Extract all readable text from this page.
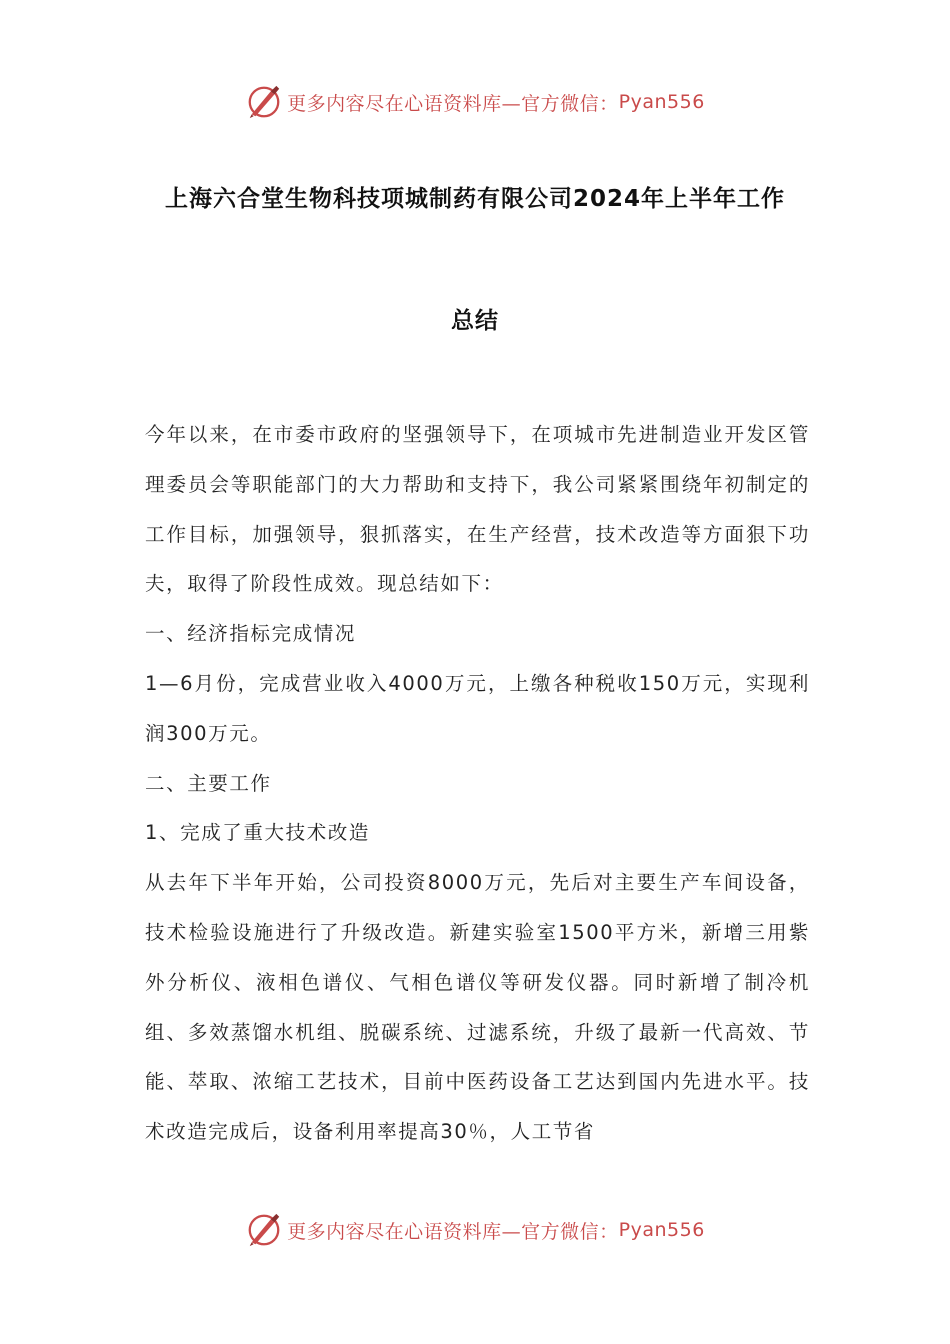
更多内容尽在心语资料库—官方微信： Pyan556
上海六合堂生物科技项城制药有限公司2024年上半年工作
总结

今年以来，在市委市政府的坚强领导下，在项城市先进制造业开发区管理委员会等职能部门的大力帮助和支持下，我公司紧紧围绕年初制定的工作目标，加强领导，狠抓落实，在生产经营，技术改造等方面狠下功夫，取得了阶段性成效。现总结如下：

一、经济指标完成情况

1—6月份，完成营业收入4000万元，上缴各种税收150万元，实现利润300万元。

二、主要工作

1、完成了重大技术改造

从去年下半年开始，公司投资8000万元，先后对主要生产车间设备，技术检验设施进行了升级改造。新建实验室1500平方米，新增三用紫外分析仪、液相色谱仪、气相色谱仪等研发仪器。同时新增了制冷机组、多效蒸馏水机组、脱碳系统、过滤系统，升级了最新一代高效、节能、萃取、浓缩工艺技术，目前中医药设备工艺达到国内先进水平。技术改造完成后，设备利用率提高30％，人工节省

更多内容尽在心语资料库—官方微信： Pyan556
